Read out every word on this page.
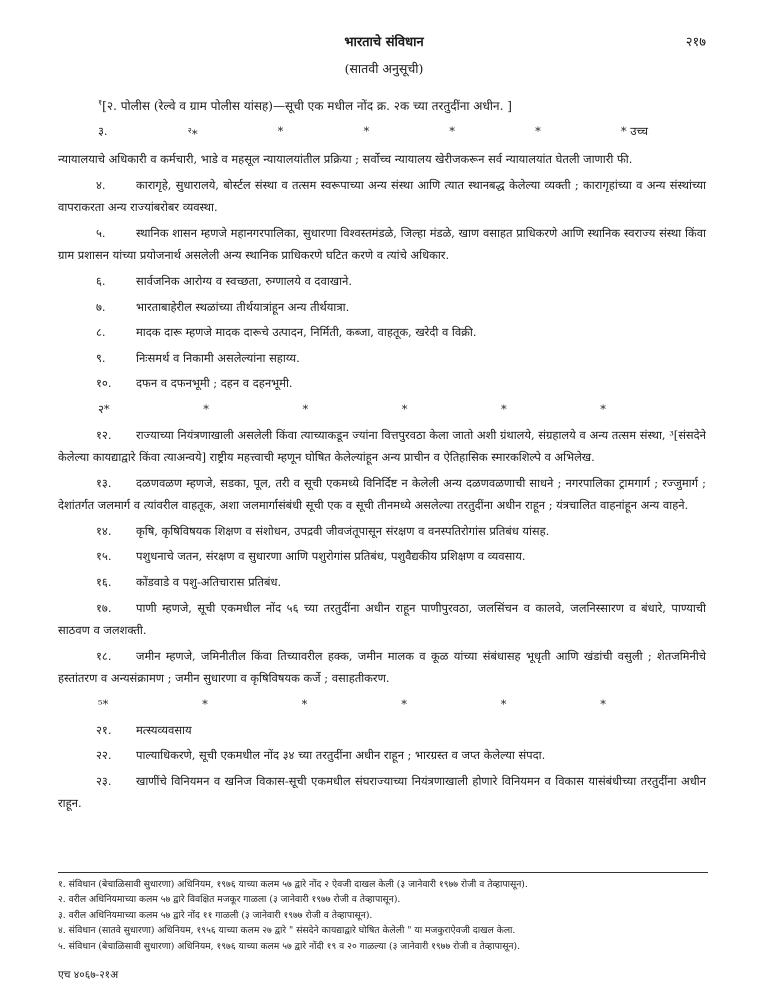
भारताचे संविधान	२१७
(सातवी अनुसूची)
$^१$[२. पोलीस (रेल्वे व ग्राम पोलीस यांसह)—सूची एक मधील नोंद क्र. २क च्या तरतुदींना अधीन. ]
३.	$^२$*	*	*	*	*	* उच्च
न्यायालयाचे अधिकारी व कर्मचारी, भाडे व महसूल न्यायालयांतील प्रक्रिया ; सर्वोच्च न्यायालय खेरीजकरून सर्व न्यायालयांत घेतली जाणारी फी.
४.	कारागृहे, सुधारालये, बोर्स्टल संस्था व तत्सम स्वरूपाच्या अन्य संस्था आणि त्यात स्थानबद्ध केलेल्या व्यक्ती ; कारागृहांच्या व अन्य संस्थांच्या वापराकरता अन्य राज्यांबरोबर व्यवस्था.
५.	स्थानिक शासन म्हणजे महानगरपालिका, सुधारणा विश्वस्तमंडळे, जिल्हा मंडळे, खाण वसाहत प्राधिकरणे आणि स्थानिक स्वराज्य संस्था किंवा ग्राम प्रशासन यांच्या प्रयोजनार्थ असलेली अन्य स्थानिक प्राधिकरणे घटित करणे व त्यांचे अधिकार.
६.	सार्वजनिक आरोग्य व स्वच्छता, रुग्णालये व दवाखाने.
७.	भारताबाहेरील स्थळांच्या तीर्थयात्रांहून अन्य तीर्थयात्रा.
८.	मादक दारू म्हणजे मादक दारूचे उत्पादन, निर्मिती, कब्जा, वाहतूक, खरेदी व विक्री.
९.	निःसमर्थ व निकामी असलेल्यांना सहाय्य.
१०. दफन व दफनभूमी ; दहन व दहनभूमी.
२*	*	*	*	*	*
१२. राज्याच्या नियंत्रणाखाली असलेली किंवा त्याच्याकडून ज्यांना वित्तपुरवठा केला जातो अशी ग्रंथालये, संग्रहालये व अन्य तत्सम संस्था, ³[संसदेने केलेल्या कायद्याद्वारे किंवा त्याअन्वये] राष्ट्रीय महत्त्वाची म्हणून घोषित केलेल्यांहून अन्य प्राचीन व ऐतिहासिक स्मारकशिल्पे व अभिलेख.
१३. दळणवळण म्हणजे, सडका, पूल, तरी व सूची एकमध्ये विनिर्दिष्ट न केलेली अन्य दळणवळणाची साधने ; नगरपालिका ट्रामगार्ग ; रज्जुमार्ग ; देशांतर्गत जलमार्ग व त्यांवरील वाहतूक, अशा जलमार्गासंबंधी सूची एक व सूची तीनमध्ये असलेल्या तरतुदींना अधीन राहून ; यंत्रचालित वाहनांहून अन्य वाहने.
१४. कृषि, कृषिविषयक शिक्षण व संशोधन, उपद्रवी जीवजंतूपासून संरक्षण व वनस्पतिरोगांस प्रतिबंध यांसह.
१५. पशुधनाचे जतन, संरक्षण व सुधारणा आणि पशुरोगांस प्रतिबंध, पशुवैद्यकीय प्रशिक्षण व व्यवसाय.
१६. कोंडवाडे व पशु-अतिचारास प्रतिबंध.
१७. पाणी म्हणजे, सूची एकमधील नोंद ५६ च्या तरतुदींना अधीन राहून पाणीपुरवठा, जलसिंचन व कालवे, जलनिस्सारण व बंधारे, पाण्याची साठवण व जलशक्ती.
१८. जमीन म्हणजे, जमिनीतील किंवा तिच्यावरील हक्क, जमीन मालक व कूळ यांच्या संबंधासह भूधृती आणि खंडांची वसुली ; शेतजमिनीचे हस्तांतरण व अन्यसंक्रामण ; जमीन सुधारणा व कृषिविषयक कर्जे ; वसाहतीकरण.
⁵*	*	*	*	*	*
२१. मत्स्यव्यवसाय
२२. पाल्याधिकरणे, सूची एकमधील नोंद ३४ च्या तरतुदींना अधीन राहून ; भारग्रस्त व जप्त केलेल्या संपदा.
२३. खाणींचे विनियमन व खनिज विकास-सूची एकमधील संघराज्याच्या नियंत्रणाखाली होणारे विनियमन व विकास यासंबंधीच्या तरतुदींना अधीन राहून.
१. संविधान (बेचाळिसावी सुधारणा) अधिनियम, १९७६ याच्या कलम ५७ द्वारे नोंद २ ऐवजी दाखल केली (३ जानेवारी १९७७ रोजी व तेव्हापासून).
२. वरील अधिनियमाच्या कलम ५७ द्वारे विवक्षित मजकूर गाळला (३ जानेवारी १९७७ रोजी व तेव्हापासून).
३. वरील अधिनियमाच्या कलम ५७ द्वारे नोंद ११ गाळली (३ जानेवारी १९७७ रोजी व तेव्हापासून).
४. संविधान (सातवे सुधारणा) अधिनियम, १९५६ याच्या कलम २७ द्वारे " संसदेने कायद्याद्वारे घोषित केलेली " या मजकुराऐवजी दाखल केला.
५. संविधान (बेचाळिसावी सुधारणा) अधिनियम, १९७६ याच्या कलम ५७ द्वारे नोंदी १९ व २० गाळल्या (३ जानेवारी १९७७ रोजी व तेव्हापासून).
एच ४०६७-२१अ
